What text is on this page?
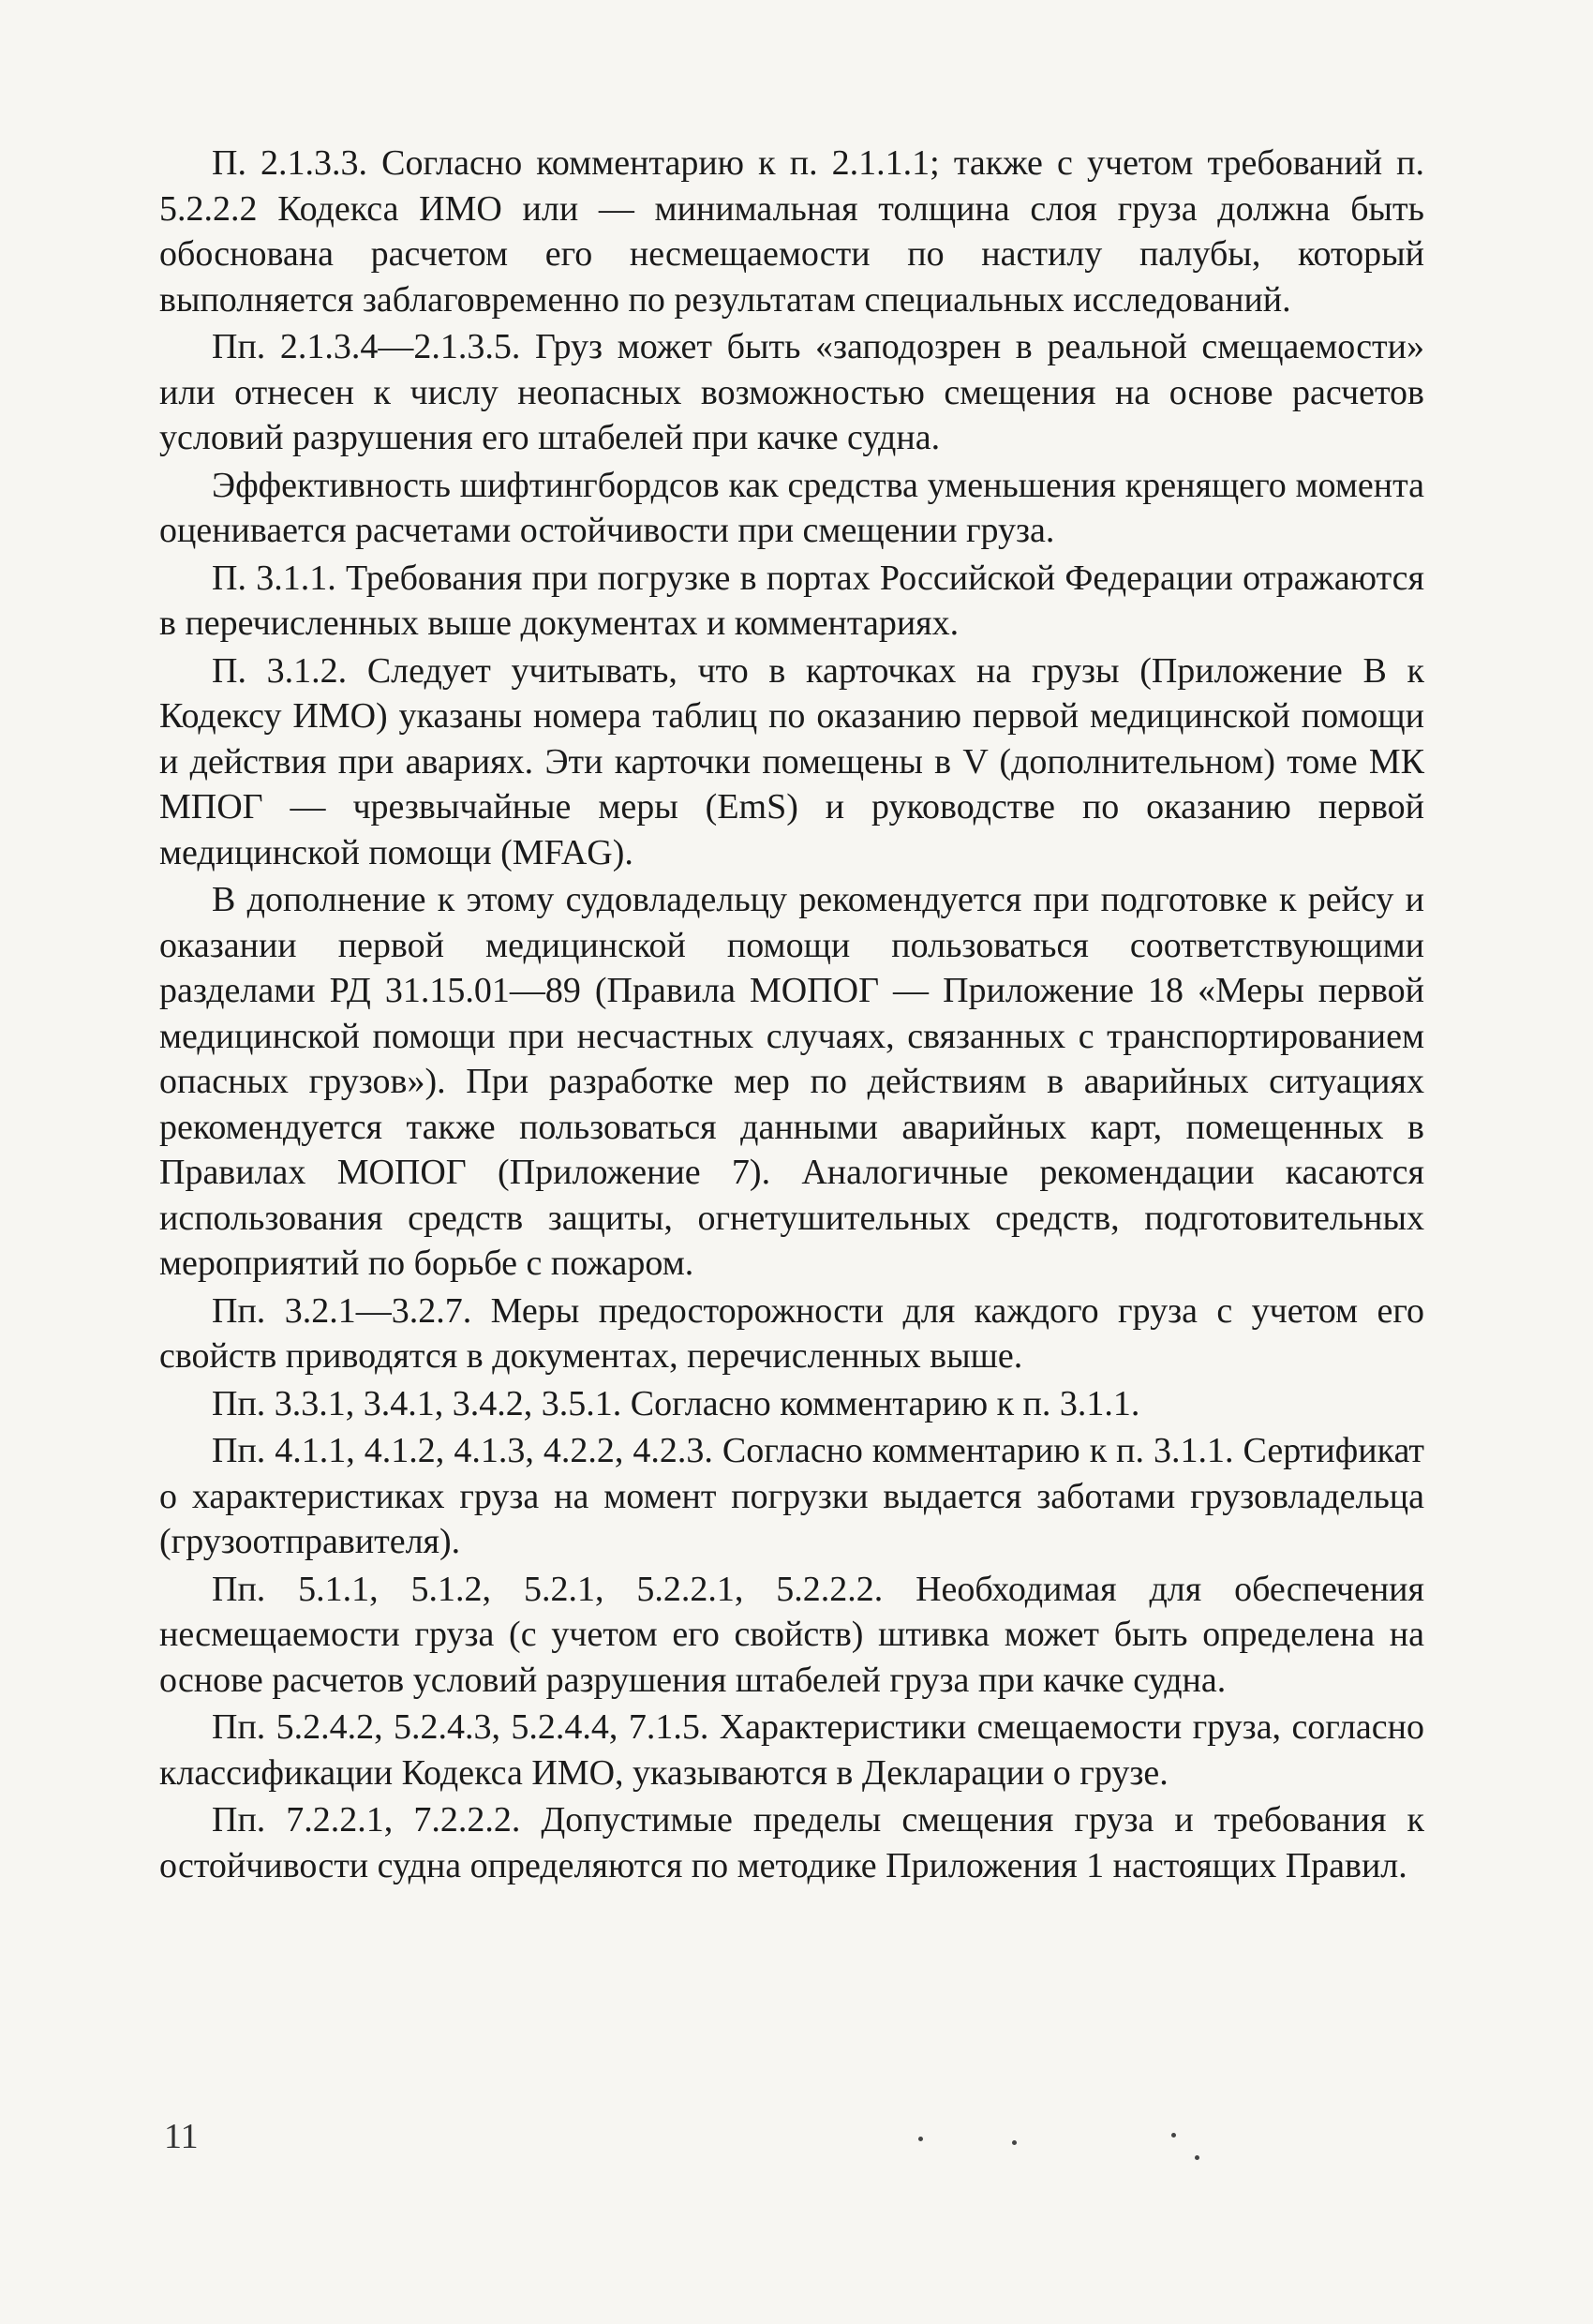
П. 2.1.3.3. Согласно комментарию к п. 2.1.1.1; также с учетом требований п. 5.2.2.2 Кодекса ИМО или — минимальная толщина слоя груза должна быть обоснована расчетом его несмещаемости по настилу палубы, который выполняется заблаговременно по результатам специальных исследований.

Пп. 2.1.3.4—2.1.3.5. Груз может быть «заподозрен в реальной смещаемости» или отнесен к числу неопасных возможностью смещения на основе расчетов условий разрушения его штабелей при качке судна.

Эффективность шифтингбордсов как средства уменьшения кренящего момента оценивается расчетами остойчивости при смещении груза.

П. 3.1.1. Требования при погрузке в портах Российской Федерации отражаются в перечисленных выше документах и комментариях.

П. 3.1.2. Следует учитывать, что в карточках на грузы (Приложение В к Кодексу ИМО) указаны номера таблиц по оказанию первой медицинской помощи и действия при авариях. Эти карточки помещены в V (дополнительном) томе МК МПОГ — чрезвычайные меры (EmS) и руководстве по оказанию первой медицинской помощи (MFAG).

В дополнение к этому судовладельцу рекомендуется при подготовке к рейсу и оказании первой медицинской помощи пользоваться соответствующими разделами РД 31.15.01—89 (Правила МОПОГ — Приложение 18 «Меры первой медицинской помощи при несчастных случаях, связанных с транспортированием опасных грузов»). При разработке мер по действиям в аварийных ситуациях рекомендуется также пользоваться данными аварийных карт, помещенных в Правилах МОПОГ (Приложение 7). Аналогичные рекомендации касаются использования средств защиты, огнетушительных средств, подготовительных мероприятий по борьбе с пожаром.

Пп. 3.2.1—3.2.7. Меры предосторожности для каждого груза с учетом его свойств приводятся в документах, перечисленных выше.

Пп. 3.3.1, 3.4.1, 3.4.2, 3.5.1. Согласно комментарию к п. 3.1.1.

Пп. 4.1.1, 4.1.2, 4.1.3, 4.2.2, 4.2.3. Согласно комментарию к п. 3.1.1. Сертификат о характеристиках груза на момент погрузки выдается заботами грузовладельца (грузоотправителя).

Пп. 5.1.1, 5.1.2, 5.2.1, 5.2.2.1, 5.2.2.2. Необходимая для обеспечения несмещаемости груза (с учетом его свойств) штивка может быть определена на основе расчетов условий разрушения штабелей груза при качке судна.

Пп. 5.2.4.2, 5.2.4.3, 5.2.4.4, 7.1.5. Характеристики смещаемости груза, согласно классификации Кодекса ИМО, указываются в Декларации о грузе.

Пп. 7.2.2.1, 7.2.2.2. Допустимые пределы смещения груза и требования к остойчивости судна определяются по методике Приложения 1 настоящих Правил.

11
